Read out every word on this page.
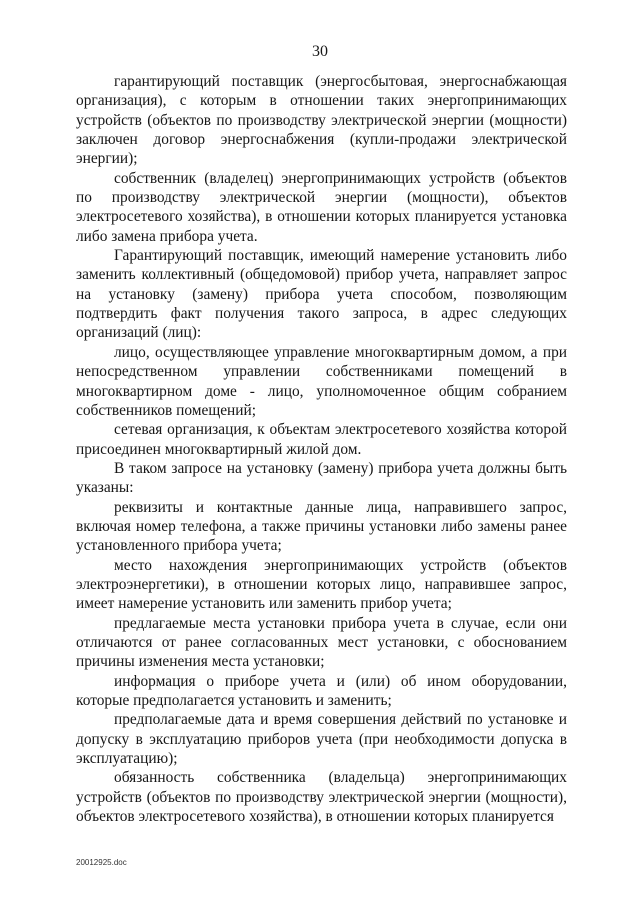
30

гарантирующий поставщик (энергосбытовая, энергоснабжающая организация), с которым в отношении таких энергопринимающих устройств (объектов по производству электрической энергии (мощности) заключен договор энергоснабжения (купли-продажи электрической энергии);

собственник (владелец) энергопринимающих устройств (объектов по производству электрической энергии (мощности), объектов электросетевого хозяйства), в отношении которых планируется установка либо замена прибора учета.

Гарантирующий поставщик, имеющий намерение установить либо заменить коллективный (общедомовой) прибор учета, направляет запрос на установку (замену) прибора учета способом, позволяющим подтвердить факт получения такого запроса, в адрес следующих организаций (лиц):

лицо, осуществляющее управление многоквартирным домом, а при непосредственном управлении собственниками помещений в многоквартирном доме - лицо, уполномоченное общим собранием собственников помещений;

сетевая организация, к объектам электросетевого хозяйства которой присоединен многоквартирный жилой дом.

В таком запросе на установку (замену) прибора учета должны быть указаны:

реквизиты и контактные данные лица, направившего запрос, включая номер телефона, а также причины установки либо замены ранее установленного прибора учета;

место нахождения энергопринимающих устройств (объектов электроэнергетики), в отношении которых лицо, направившее запрос, имеет намерение установить или заменить прибор учета;

предлагаемые места установки прибора учета в случае, если они отличаются от ранее согласованных мест установки, с обоснованием причины изменения места установки;

информация о приборе учета и (или) об ином оборудовании, которые предполагается установить и заменить;

предполагаемые дата и время совершения действий по установке и допуску в эксплуатацию приборов учета (при необходимости допуска в эксплуатацию);

обязанность собственника (владельца) энергопринимающих устройств (объектов по производству электрической энергии (мощности), объектов электросетевого хозяйства), в отношении которых планируется

20012925.doc
